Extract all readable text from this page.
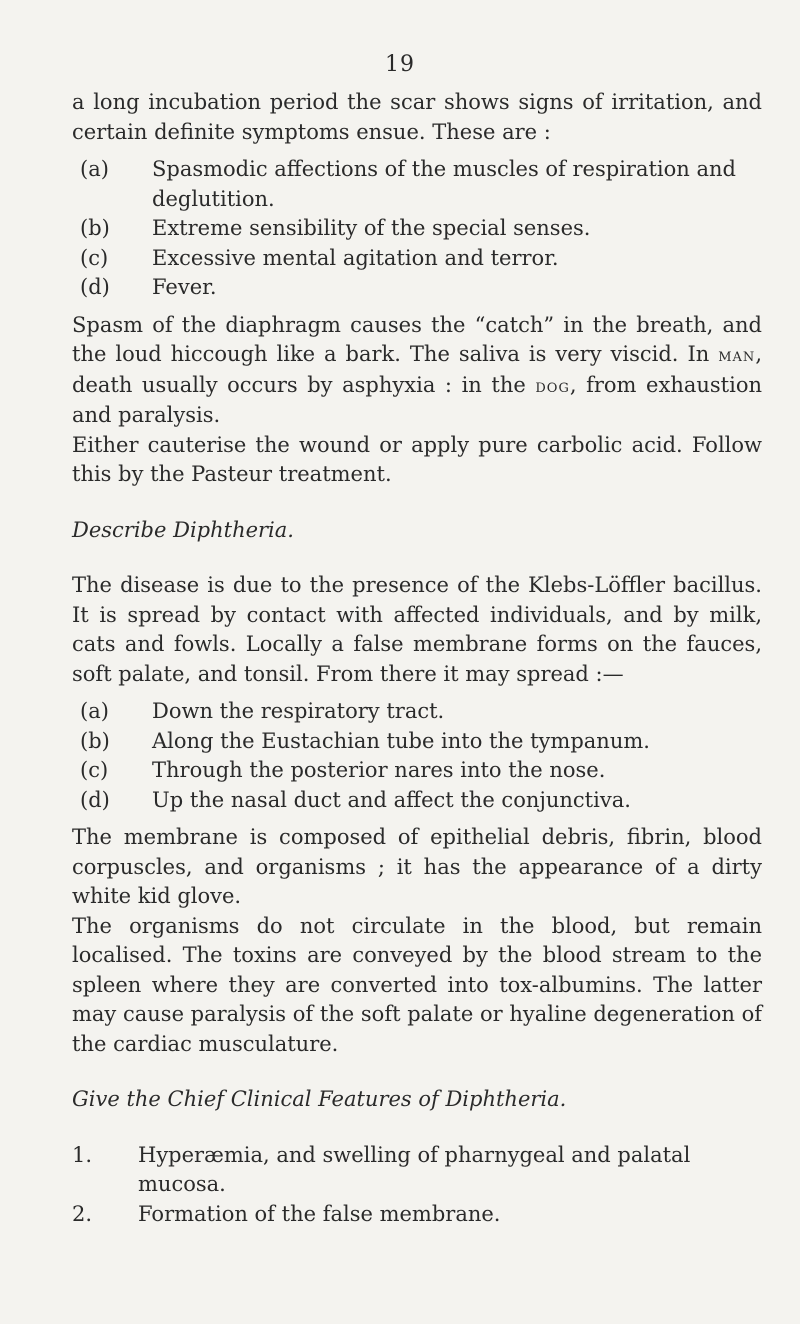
19

a long incubation period the scar shows signs of irritation, and certain definite symptoms ensue. These are :

(a) Spasmodic affections of the muscles of respiration and deglutition.
(b) Extreme sensibility of the special senses.
(c) Excessive mental agitation and terror.
(d) Fever.

Spasm of the diaphragm causes the “catch” in the breath, and the loud hiccough like a bark. The saliva is very viscid. In man, death usually occurs by asphyxia : in the dog, from exhaustion and paralysis.

Either cauterise the wound or apply pure carbolic acid. Follow this by the Pasteur treatment.

Describe Diphtheria.

The disease is due to the presence of the Klebs-Löffler bacillus. It is spread by contact with affected individuals, and by milk, cats and fowls. Locally a false membrane forms on the fauces, soft palate, and tonsil. From there it may spread :—

(a) Down the respiratory tract.
(b) Along the Eustachian tube into the tympanum.
(c) Through the posterior nares into the nose.
(d) Up the nasal duct and affect the conjunctiva.

The membrane is composed of epithelial debris, fibrin, blood corpuscles, and organisms ; it has the appearance of a dirty white kid glove.

The organisms do not circulate in the blood, but remain localised. The toxins are conveyed by the blood stream to the spleen where they are converted into tox-albumins. The latter may cause paralysis of the soft palate or hyaline degeneration of the cardiac musculature.

Give the Chief Clinical Features of Diphtheria.

1. Hyperæmia, and swelling of pharnygeal and palatal mucosa.
2. Formation of the false membrane.
